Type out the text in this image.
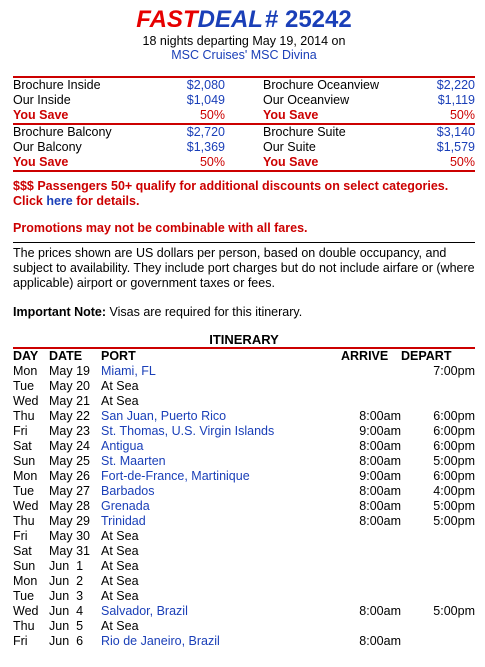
FASTDEAL# 25242
18 nights departing May 19, 2014 on
MSC Cruises' MSC Divina
Brochure Inside	$2,080	Brochure Oceanview	$2,220
Our Inside	$1,049	Our Oceanview	$1,119
You Save	50%	You Save	50%
Brochure Balcony	$2,720	Brochure Suite	$3,140
Our Balcony	$1,369	Our Suite	$1,579
You Save	50%	You Save	50%
$$$ Passengers 50+ qualify for additional discounts on select categories.
Click here for details.
Promotions may not be combinable with all fares.
The prices shown are US dollars per person, based on double occupancy, and subject to availability. They include port charges but do not include airfare or (where applicable) airport or government taxes or fees.
Important Note: Visas are required for this itinerary.
ITINERARY
DAY	DATE	PORT	ARRIVE	DEPART
Mon	May 19	Miami, FL		7:00pm
Tue	May 20	At Sea		
Wed	May 21	At Sea		
Thu	May 22	San Juan, Puerto Rico	8:00am	6:00pm
Fri	May 23	St. Thomas, U.S. Virgin Islands	9:00am	6:00pm
Sat	May 24	Antigua	8:00am	6:00pm
Sun	May 25	St. Maarten	8:00am	5:00pm
Mon	May 26	Fort-de-France, Martinique	9:00am	6:00pm
Tue	May 27	Barbados	8:00am	4:00pm
Wed	May 28	Grenada	8:00am	5:00pm
Thu	May 29	Trinidad	8:00am	5:00pm
Fri	May 30	At Sea		
Sat	May 31	At Sea		
Sun	Jun  1	At Sea		
Mon	Jun  2	At Sea		
Tue	Jun  3	At Sea		
Wed	Jun  4	Salvador, Brazil	8:00am	5:00pm
Thu	Jun  5	At Sea		
Fri	Jun  6	Rio de Janeiro, Brazil	8:00am	
